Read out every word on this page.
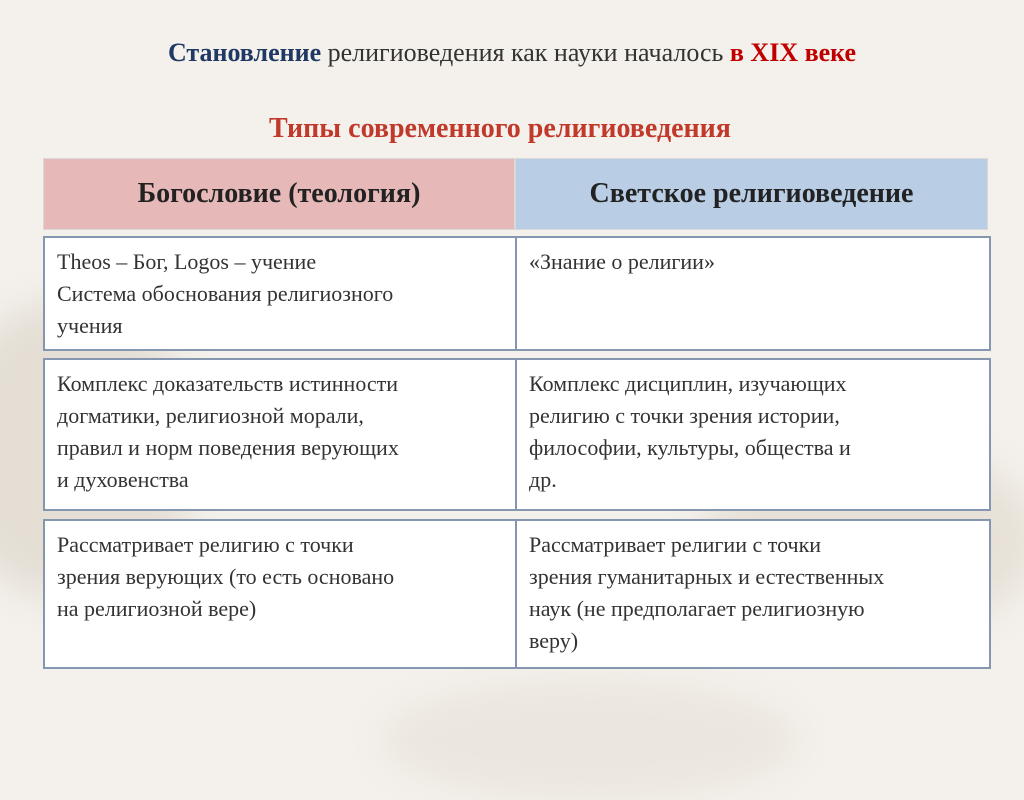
Становление религиоведения как науки началось в XIX веке
Типы современного религиоведения
Богословие (теология)	Светское религиоведение
Theos – Бог, Logos – учение
Система обоснования религиозного
учения
«Знание о религии»
Комплекс доказательств истинности
догматики, религиозной морали,
правил и норм поведения верующих
и духовенства
Комплекс дисциплин, изучающих
религию с точки зрения истории,
философии, культуры, общества и
др.
Рассматривает религию с точки
зрения верующих (то есть основано
на религиозной вере)
Рассматривает религии с точки
зрения гуманитарных и естественных
наук (не предполагает религиозную
веру)
